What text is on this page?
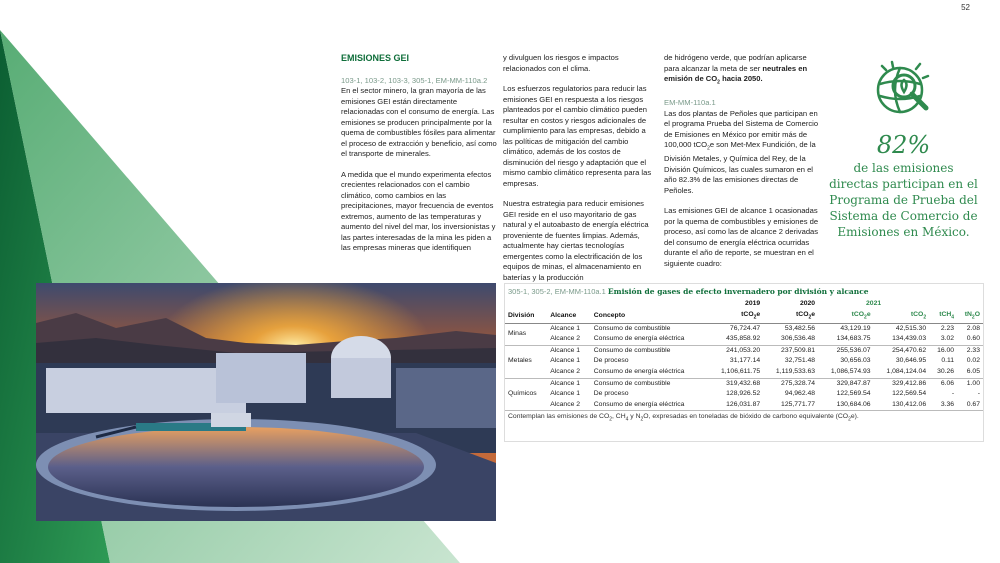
52
EMISIONES GEI
103-1, 103-2, 103-3, 305-1, EM-MM-110a.2

En el sector minero, la gran mayoría de las emisiones GEI están directamente relacionadas con el consumo de energía. Las emisiones se producen principalmente por la quema de combustibles fósiles para alimentar el proceso de extracción y beneficio, así como el transporte de minerales.

A medida que el mundo experimenta efectos crecientes relacionados con el cambio climático, como cambios en las precipitaciones, mayor frecuencia de eventos extremos, aumento de las temperaturas y aumento del nivel del mar, los inversionistas y las partes interesadas de la mina les piden a las empresas mineras que identifiquen

y divulguen los riesgos e impactos relacionados con el clima.

Los esfuerzos regulatorios para reducir las emisiones GEI en respuesta a los riesgos planteados por el cambio climático pueden resultar en costos y riesgos adicionales de cumplimiento para las empresas, debido a las políticas de mitigación del cambio climático, además de los costos de disminución del riesgo y adaptación que el mismo cambio climático representa para las empresas.

Nuestra estrategia para reducir emisiones GEI reside en el uso mayoritario de gas natural y el autoabasto de energía eléctrica proveniente de fuentes limpias. Además, actualmente hay ciertas tecnologías emergentes como la electrificación de los equipos de minas, el almacenamiento en baterías y la producción

de hidrógeno verde, que podrían aplicarse para alcanzar la meta de ser neutrales en emisión de $CO_2$ hacia 2050.

EM-MM-110a.1

Las dos plantas de Peñoles que participan en el programa Prueba del Sistema de Comercio de Emisiones en México por emitir más de 100,000 tCO$_2$e son Met-Mex Fundición, de la División Metales, y Química del Rey, de la División Químicos, las cuales sumaron en el año 82.3% de las emisiones directas de Peñoles.

Las emisiones GEI de alcance 1 ocasionadas por la quema de combustibles y emisiones de proceso, así como las de alcance 2 derivadas del consumo de energía eléctrica ocurridas durante el año de reporte, se muestran en el siguiente cuadro:

82%
de las emisiones directas participan en el Programa de Prueba del Sistema de Comercio de Emisiones en México.
305-1, 305-2, EM-MM-110a.1 Emisión de gases de efecto invernadero por división y alcance
			2019	2020	2021			
División	Alcance	Concepto	tCO$_2$e	tCO$_2$e	tCO$_2$e	tCO$_2$	tCH$_4$	$tN_2O$
Minas	Alcance 1	Consumo de combustible	76,724.47	53,482.56	43,129.19	42,515.30	2.23	2.08
	Alcance 2	Consumo de energía eléctrica	435,858.92	306,536.48	134,683.75	134,439.03	3.02	0.60
Metales	Alcance 1	Consumo de combustible	241,053.20	237,509.81	255,536.07	254,470.62	16.00	2.33
	Alcance 1	De proceso	31,177.14	32,751.48	30,656.03	30,646.95	0.11	0.02
	Alcance 2	Consumo de energía eléctrica	1,106,611.75	1,119,533.63	1,086,574.93	1,084,124.04	30.26	6.05
Químicos	Alcance 1	Consumo de combustible	319,432.68	275,328.74	329,847.87	329,412.86	6.06	1.00
	Alcance 1	De proceso	128,926.52	94,962.48	122,569.54	122,569.54	-	-
	Alcance 2	Consumo de energía eléctrica	126,031.87	125,771.77	130,684.06	130,412.06	3.36	0.67
Contemplan las emisiones de $CO_2$, $CH_4$ y $N_2O$, expresadas en toneladas de bióxido de carbono equivalente $(CO_2e)$.
